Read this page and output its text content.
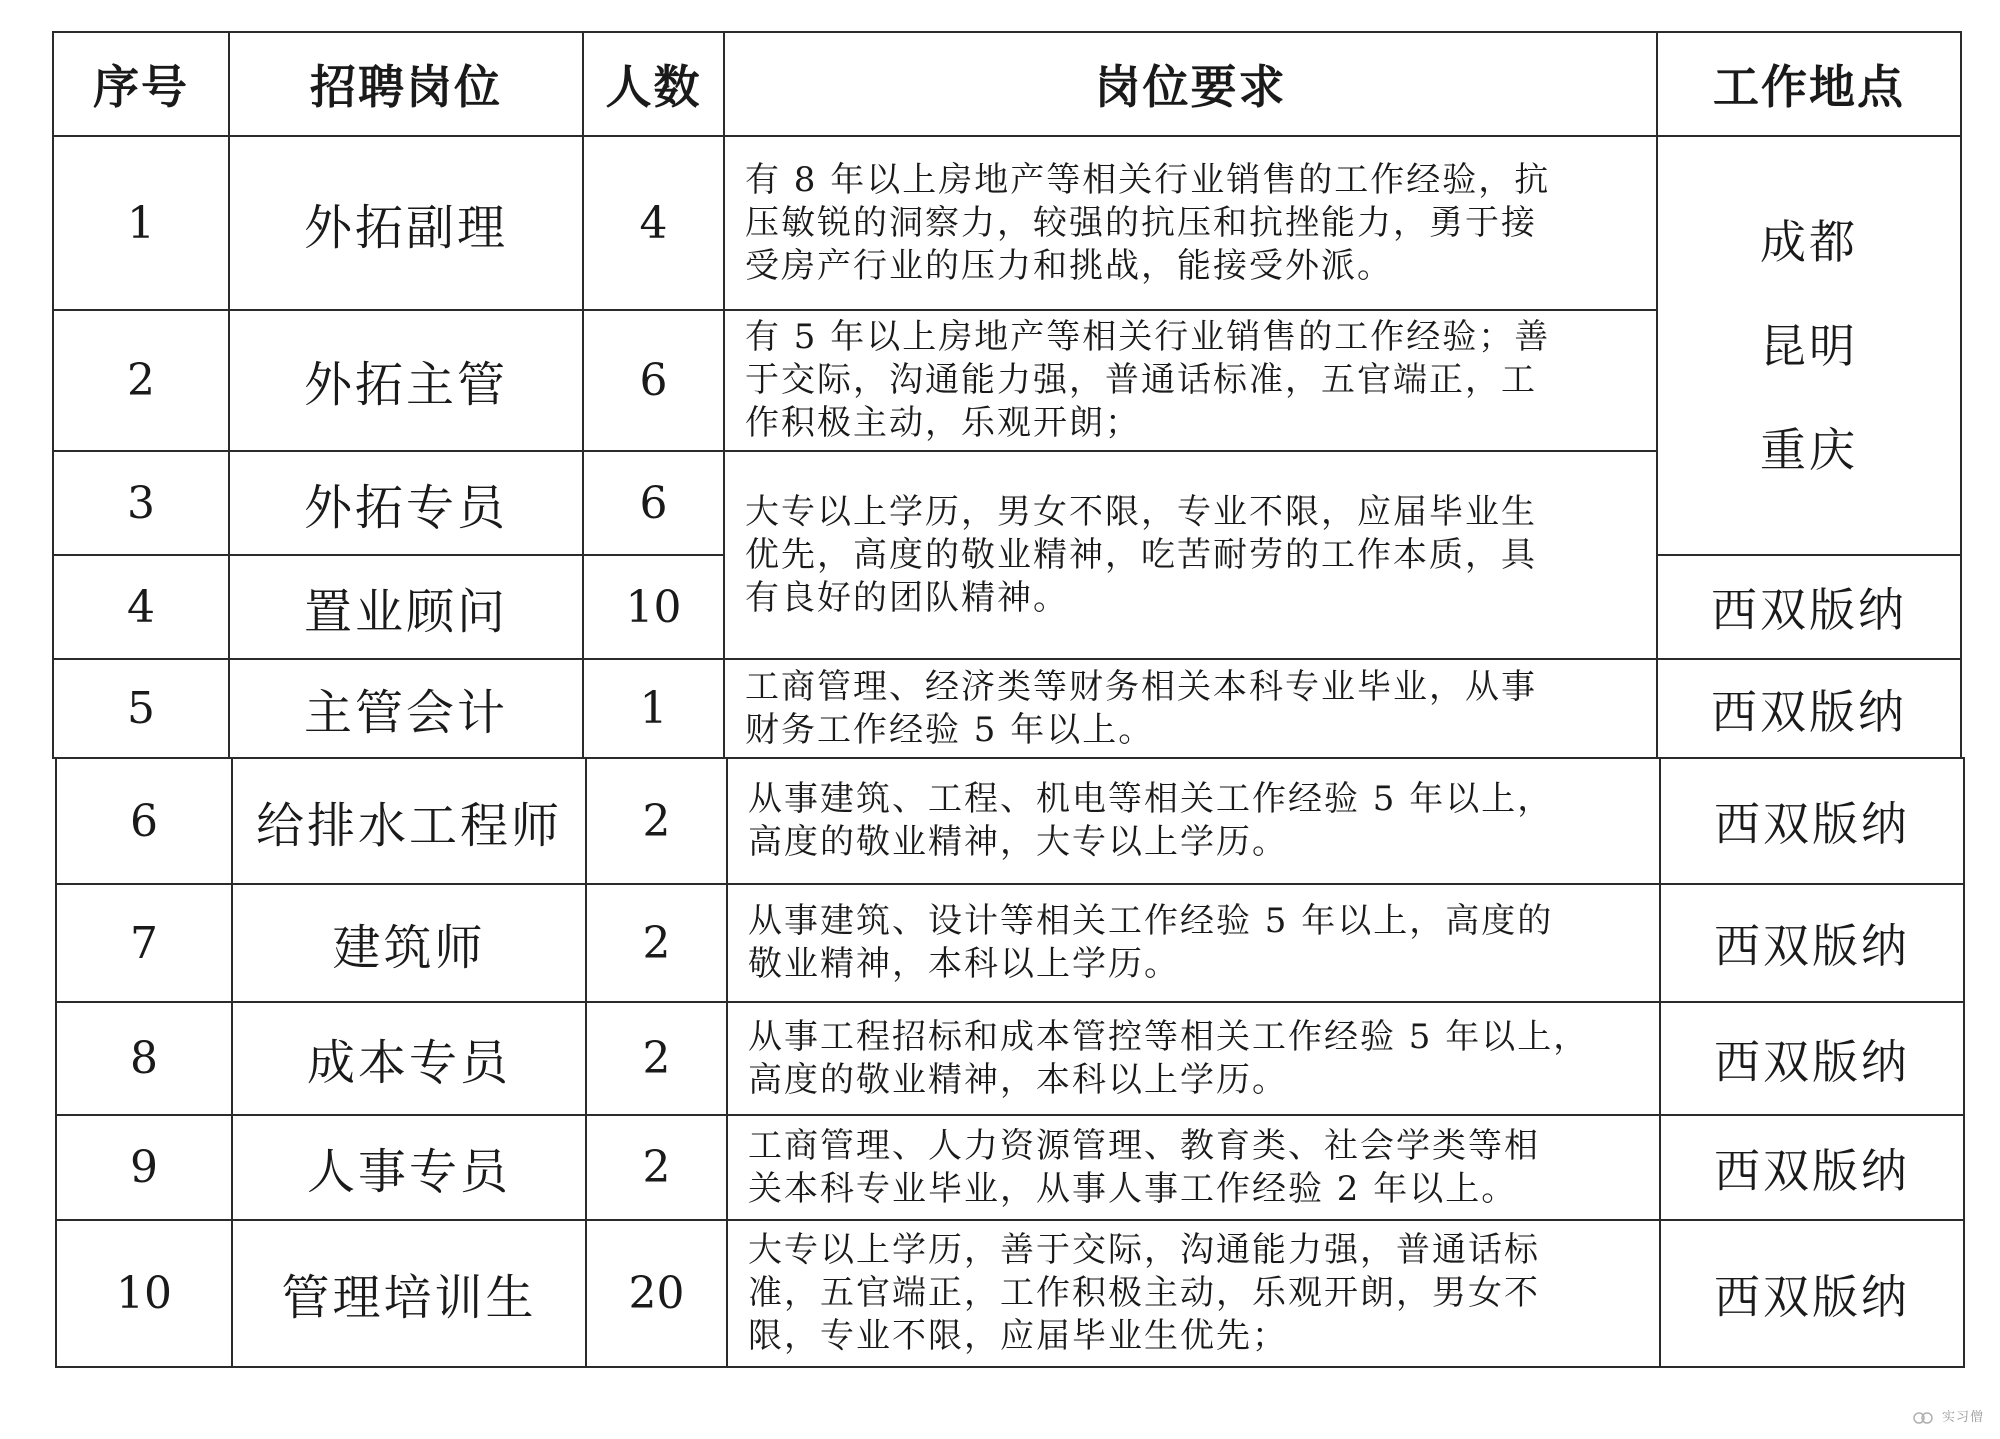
序号	招聘岗位	人数	岗位要求	工作地点
1	外拓副理	4	有 8 年以上房地产等相关行业销售的工作经验，抗
压敏锐的洞察力，较强的抗压和抗挫能力，勇于接
受房产行业的压力和挑战，能接受外派。	成都
昆明
重庆

2	外拓主管	6	有 5 年以上房地产等相关行业销售的工作经验；善
于交际，沟通能力强，普通话标准，五官端正，工
作积极主动，乐观开朗；	

3	外拓专员	6	大专以上学历，男女不限，专业不限，应届毕业生
优先，高度的敬业精神，吃苦耐劳的工作本质，具
有良好的团队精神。	

4	置业顾问	10		西双版纳
5	主管会计	1	工商管理、经济类等财务相关本科专业毕业，从事
财务工作经验 5 年以上。	西双版纳
6	给排水工程师	2	从事建筑、工程、机电等相关工作经验 5 年以上，
高度的敬业精神，大专以上学历。	西双版纳
7	建筑师	2	从事建筑、设计等相关工作经验 5 年以上，高度的
敬业精神，本科以上学历。	西双版纳
8	成本专员	2	从事工程招标和成本管控等相关工作经验 5 年以上，
高度的敬业精神，本科以上学历。	西双版纳
9	人事专员	2	工商管理、人力资源管理、教育类、社会学类等相
关本科专业毕业，从事人事工作经验 2 年以上。	西双版纳
10	管理培训生	20	大专以上学历，善于交际，沟通能力强，普通话标
准，五官端正，工作积极主动，乐观开朗，男女不
限，专业不限，应届毕业生优先；	西双版纳
实习僧
